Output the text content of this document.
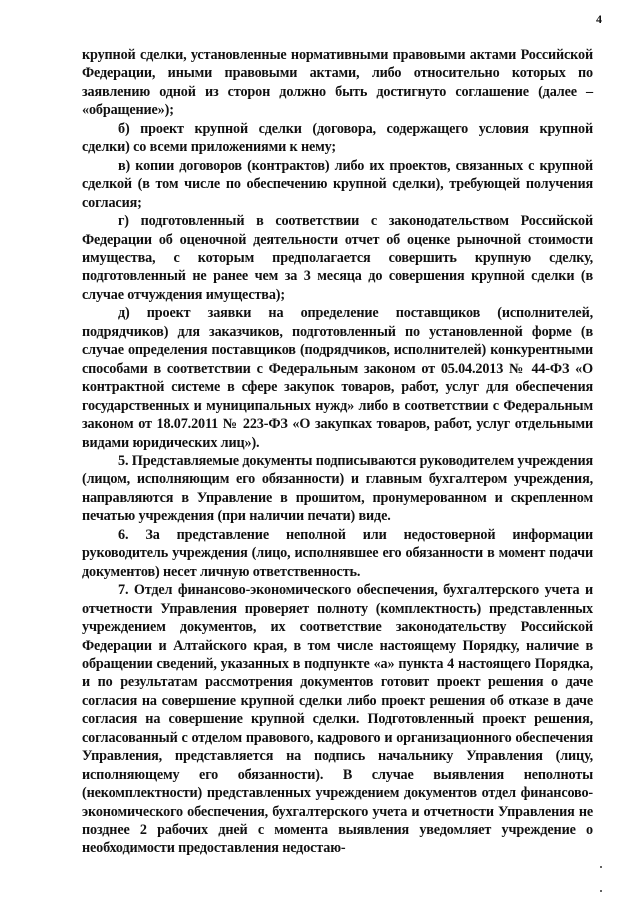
4

крупной сделки, установленные нормативными правовыми актами Российской Федерации, иными правовыми актами, либо относительно которых по заявлению одной из сторон должно быть достигнуто соглашение (далее – «обращение»);

б) проект крупной сделки (договора, содержащего условия крупной сделки) со всеми приложениями к нему;

в) копии договоров (контрактов) либо их проектов, связанных с крупной сделкой (в том числе по обеспечению крупной сделки), требующей получения согласия;

г) подготовленный в соответствии с законодательством Российской Федерации об оценочной деятельности отчет об оценке рыночной стоимости имущества, с которым предполагается совершить крупную сделку, подготовленный не ранее чем за 3 месяца до совершения крупной сделки (в случае отчуждения имущества);

д) проект заявки на определение поставщиков (исполнителей, подрядчиков) для заказчиков, подготовленный по установленной форме (в случае определения поставщиков (подрядчиков, исполнителей) конкурентными способами в соответствии с Федеральным законом от 05.04.2013 № 44-ФЗ «О контрактной системе в сфере закупок товаров, работ, услуг для обеспечения государственных и муниципальных нужд» либо в соответствии с Федеральным законом от 18.07.2011 № 223-ФЗ «О закупках товаров, работ, услуг отдельными видами юридических лиц»).

5. Представляемые документы подписываются руководителем учреждения (лицом, исполняющим его обязанности) и главным бухгалтером учреждения, направляются в Управление в прошитом, пронумерованном и скрепленном печатью учреждения (при наличии печати) виде.

6. За представление неполной или недостоверной информации руководитель учреждения (лицо, исполнявшее его обязанности в момент подачи документов) несет личную ответственность.

7. Отдел финансово-экономического обеспечения, бухгалтерского учета и отчетности Управления проверяет полноту (комплектность) представленных учреждением документов, их соответствие законодательству Российской Федерации и Алтайского края, в том числе настоящему Порядку, наличие в обращении сведений, указанных в подпункте «а» пункта 4 настоящего Порядка, и по результатам рассмотрения документов готовит проект решения о даче согласия на совершение крупной сделки либо проект решения об отказе в даче согласия на совершение крупной сделки. Подготовленный проект решения, согласованный с отделом правового, кадрового и организационного обеспечения Управления, представляется на подпись начальнику Управления (лицу, исполняющему его обязанности). В случае выявления неполноты (некомплектности) представленных учреждением документов отдел финансово-экономического обеспечения, бухгалтерского учета и отчетности Управления не позднее 2 рабочих дней с момента выявления уведомляет учреждение о необходимости предоставления недостаю-
